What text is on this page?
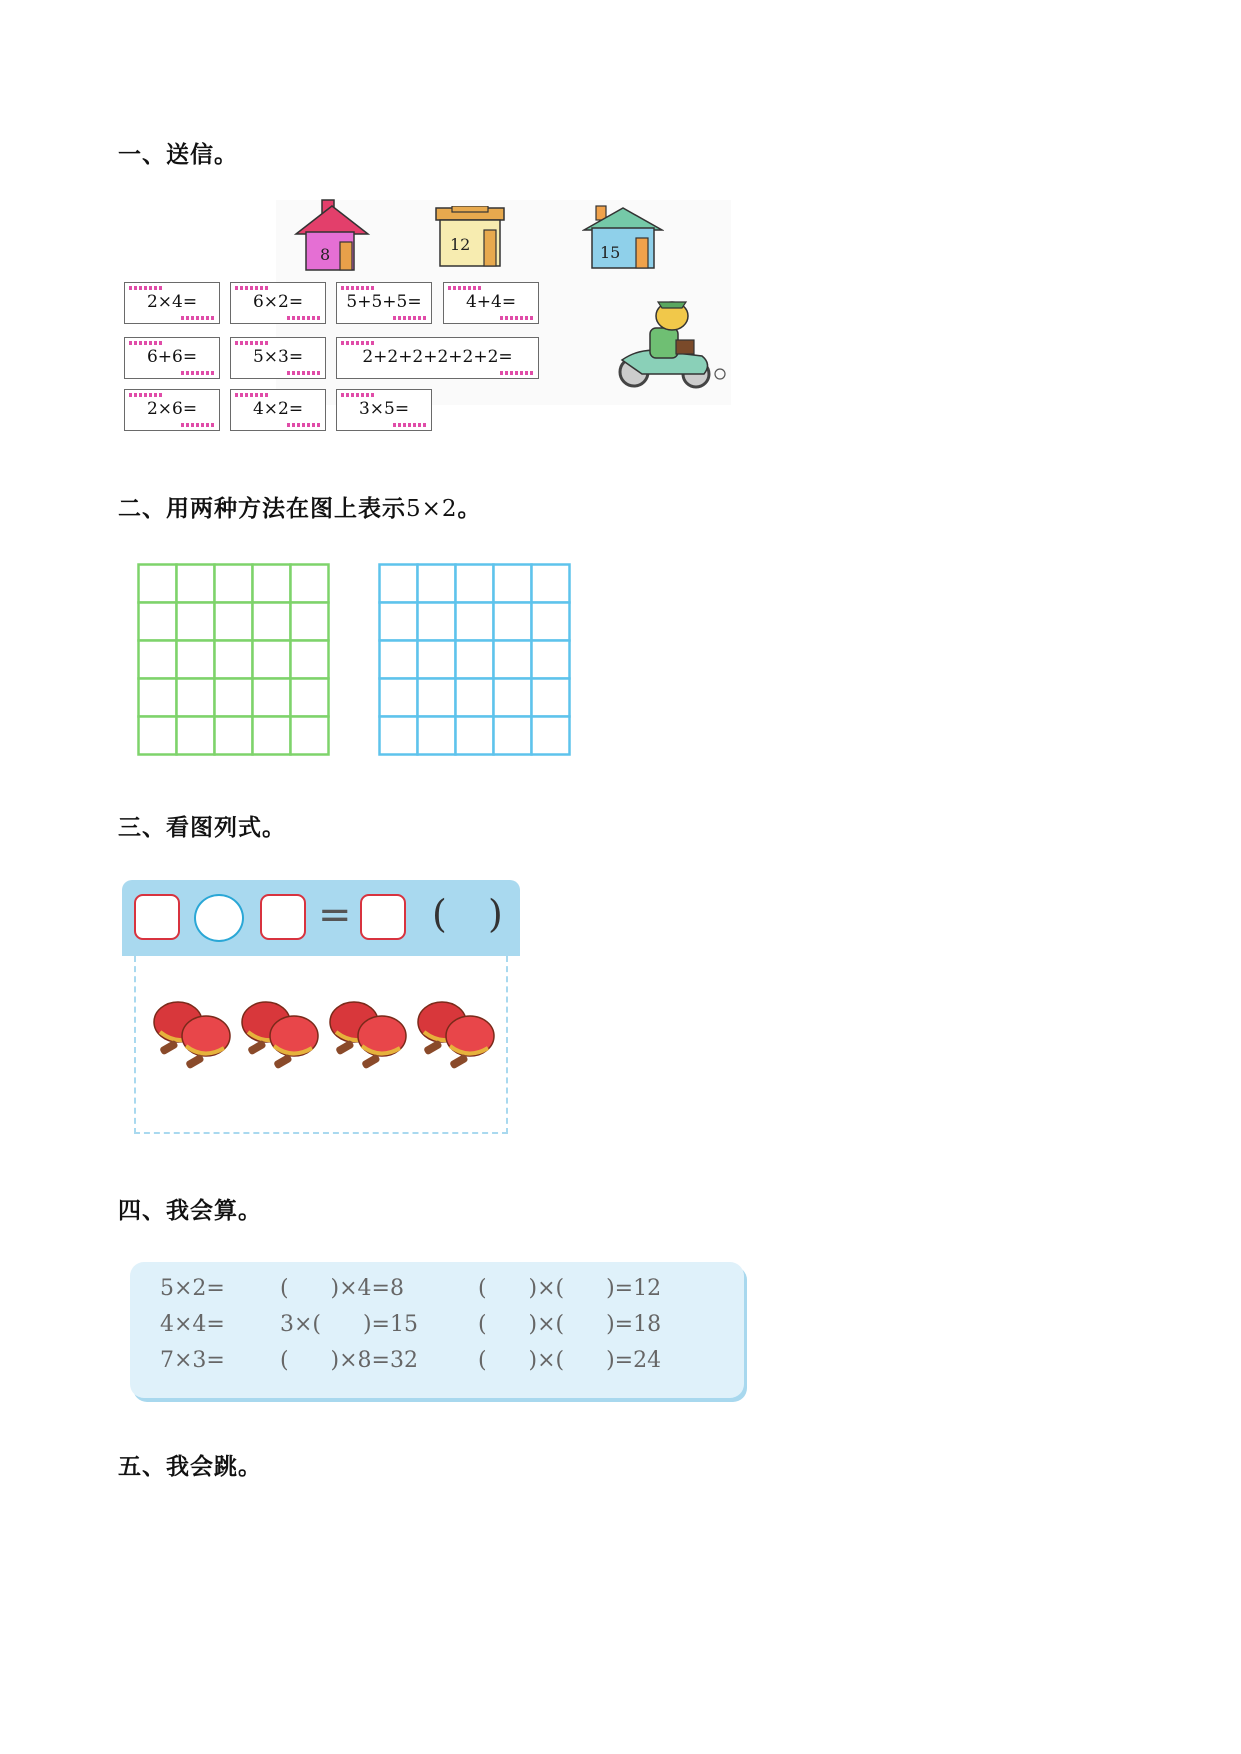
一、送信。
8
12	15
2×4=	6×2=	5+5+5=	4+4=
6+6=	5×3=	2+2+2+2+2+2=
2×6=	4×2=	3×5=
二、用两种方法在图上表示5×2。
三、看图列式。
= ( )
四、我会算。
5×2=	(      )×4=8	(      )×(      )=12
4×4=	3×(      )=15	(      )×(      )=18
7×3=	(      )×8=32	(      )×(      )=24
五、我会跳。
